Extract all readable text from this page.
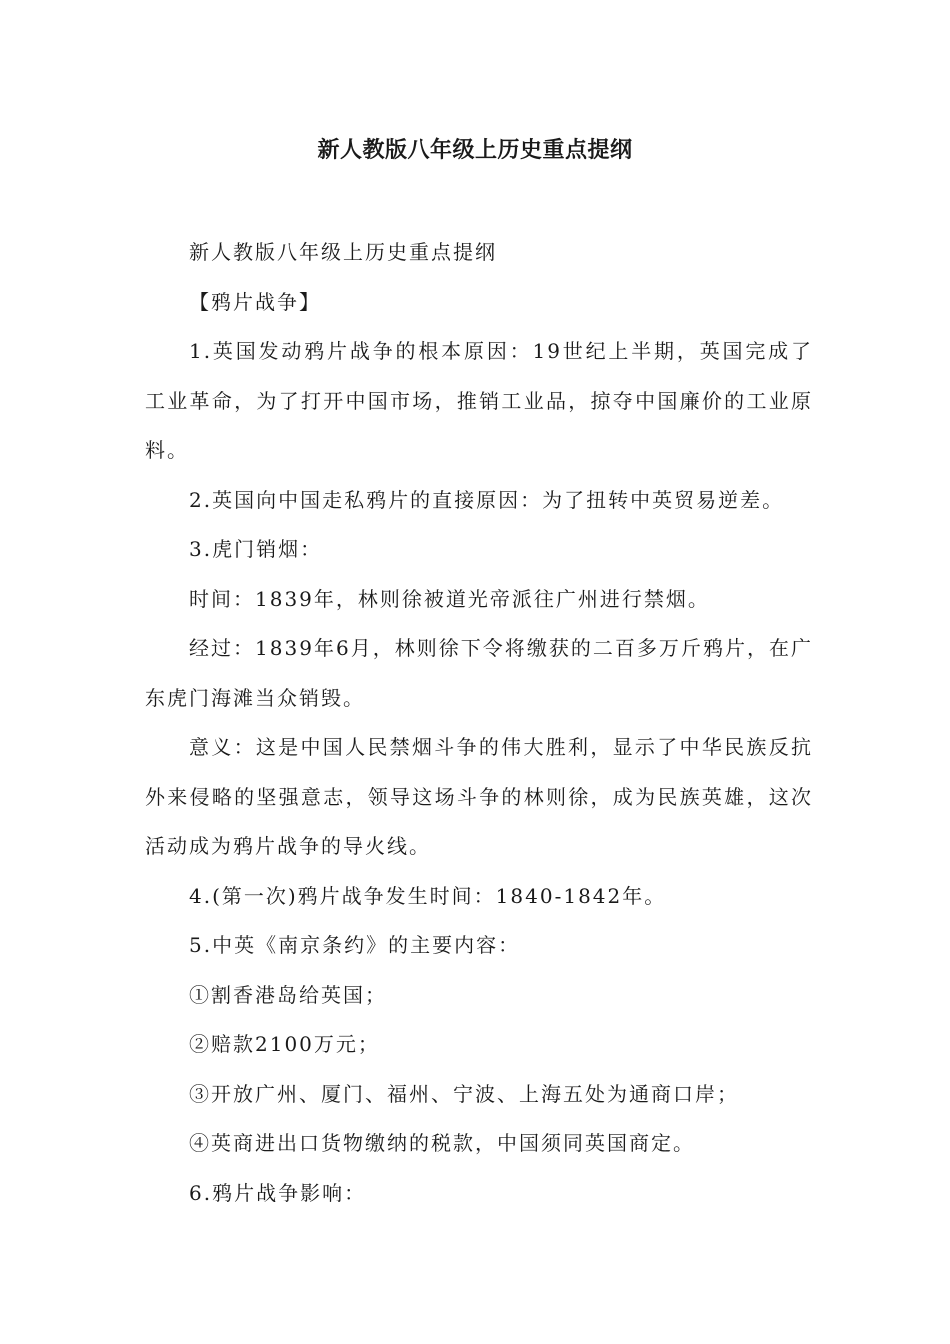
新人教版八年级上历史重点提纲

新人教版八年级上历史重点提纲

【鸦片战争】

1.英国发动鸦片战争的根本原因：19世纪上半期，英国完成了工业革命，为了打开中国市场，推销工业品，掠夺中国廉价的工业原料。

2.英国向中国走私鸦片的直接原因：为了扭转中英贸易逆差。

3.虎门销烟：

时间：1839年，林则徐被道光帝派往广州进行禁烟。

经过：1839年6月，林则徐下令将缴获的二百多万斤鸦片，在广东虎门海滩当众销毁。

意义：这是中国人民禁烟斗争的伟大胜利，显示了中华民族反抗外来侵略的坚强意志，领导这场斗争的林则徐，成为民族英雄，这次活动成为鸦片战争的导火线。

4.(第一次)鸦片战争发生时间：1840-1842年。

5.中英《南京条约》的主要内容：

①割香港岛给英国；

②赔款2100万元；

③开放广州、厦门、福州、宁波、上海五处为通商口岸；

④英商进出口货物缴纳的税款，中国须同英国商定。

6.鸦片战争影响：
